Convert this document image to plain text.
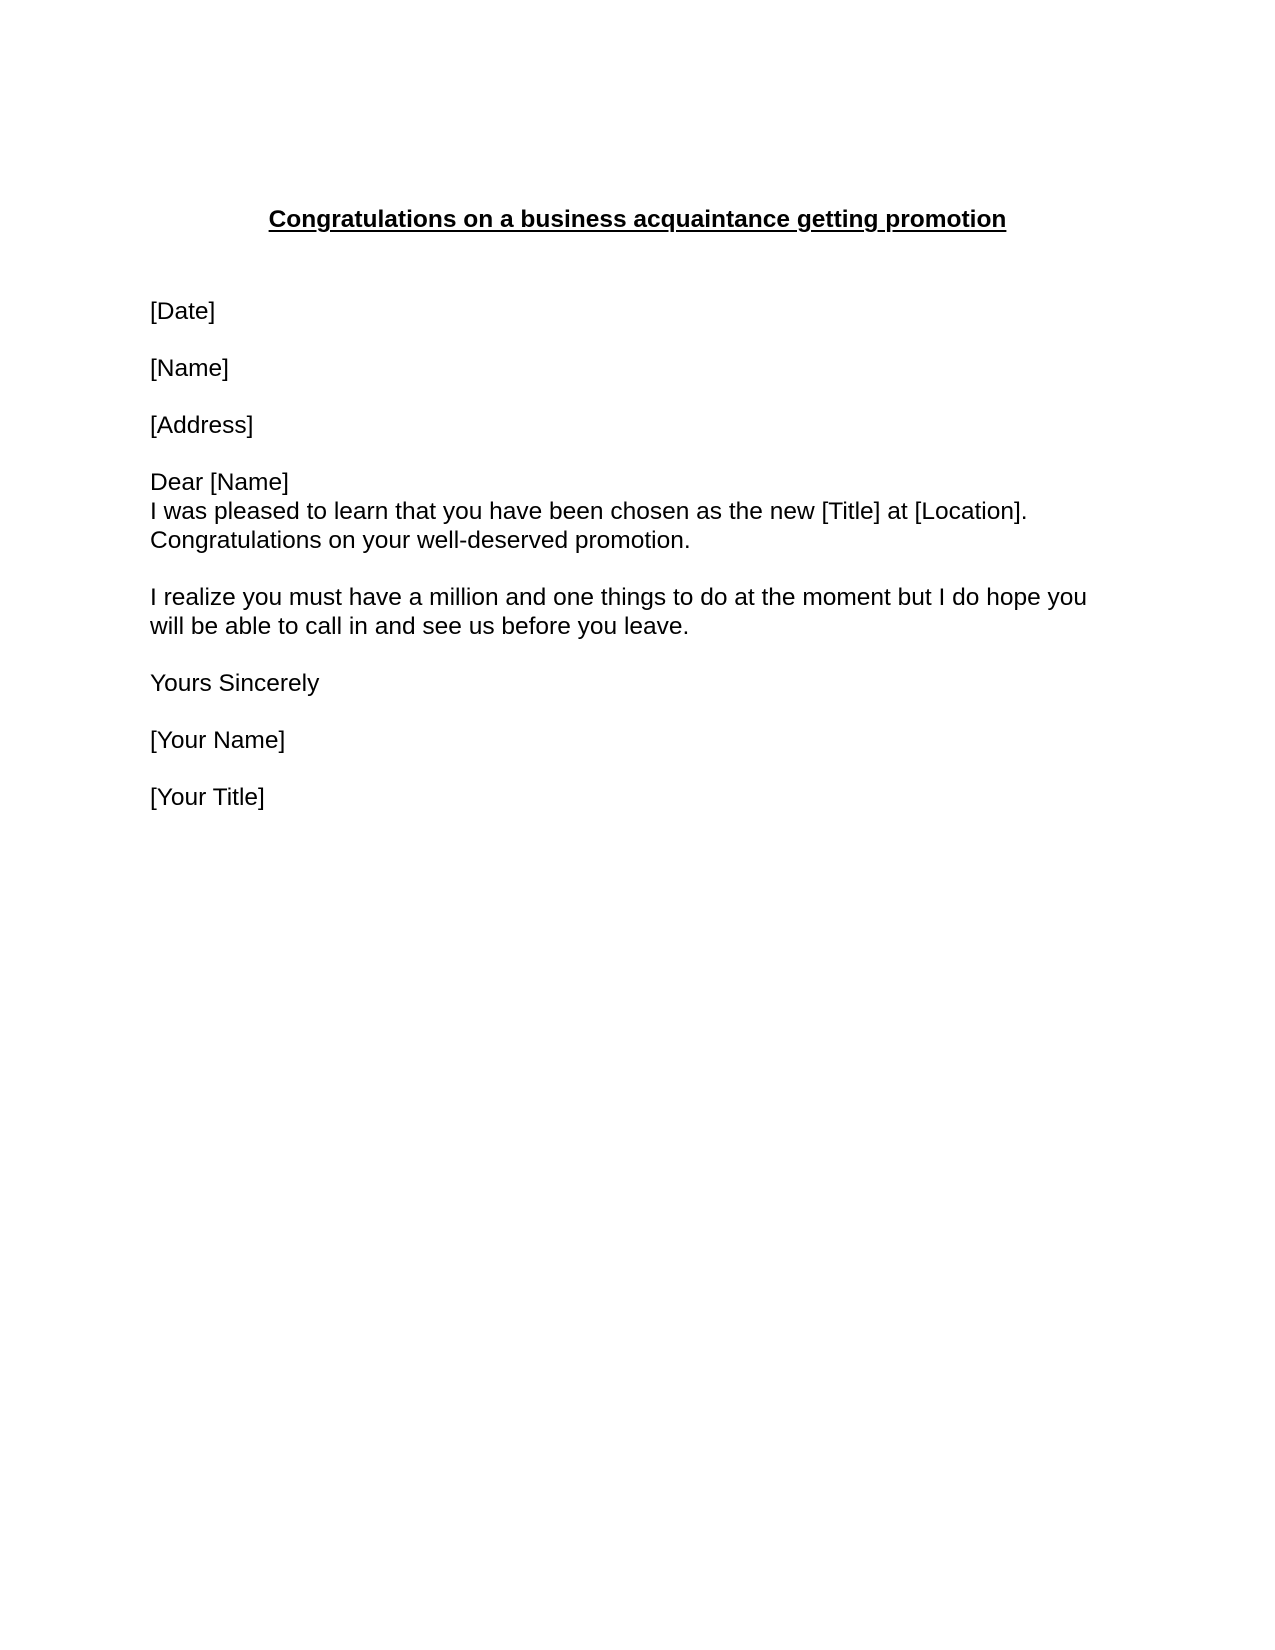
Congratulations on a business acquaintance getting promotion

[Date]

[Name]

[Address]

Dear [Name]

I was pleased to learn that you have been chosen as the new [Title] at [Location].

Congratulations on your well-deserved promotion.

I realize you must have a million and one things to do at the moment but I do hope you

will be able to call in and see us before you leave.

Yours Sincerely

[Your Name]

[Your Title]
